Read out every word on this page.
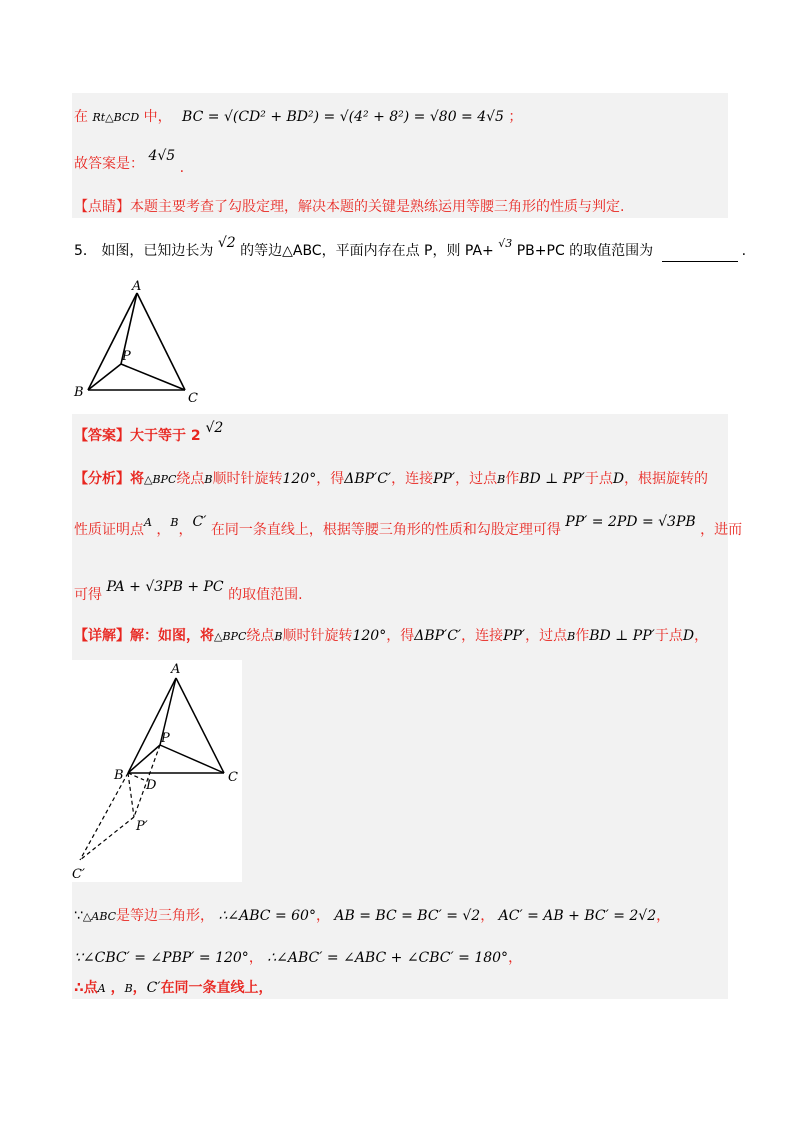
在 Rt△BCD 中， BC = √(CD² + BD²) = √(4² + 8²) = √80 = 4√5 ；
故答案是： 4√5 .
【点睛】本题主要考查了勾股定理，解决本题的关键是熟练运用等腰三角形的性质与判定.
5． 如图，已知边长为 √2 的等边△ABC，平面内存在点 P，则 PA+ $^{√3}$ PB+PC 的取值范围为	.
A
P
B	C
【答案】大于等于 2 √2
【分析】将△BPC绕点B顺时针旋转120°，得ΔBP′C′，连接PP′，过点B作BD ⊥ PP′于点D，根据旋转的
性质证明点$^A$ ，$^B$，C′ 在同一条直线上，根据等腰三角形的性质和勾股定理可得 PP′ = 2PD = √3PB ，进而
可得 PA + √3PB + PC 的取值范围.
【详解】解：如图，将△BPC绕点B顺时针旋转120°，得ΔBP′C′，连接PP′，过点B作BD ⊥ PP′于点D，
A
P
B
D
C
P′
C′
∵△ABC是等边三角形， ∴∠ABC = 60°， AB = BC = BC′ = √2， AC′ = AB + BC′ = 2√2，
∵∠CBC′ = ∠PBP′ = 120°， ∴∠ABC′ = ∠ABC + ∠CBC′ = 180°，
∴点A ，B，C′在同一条直线上，
